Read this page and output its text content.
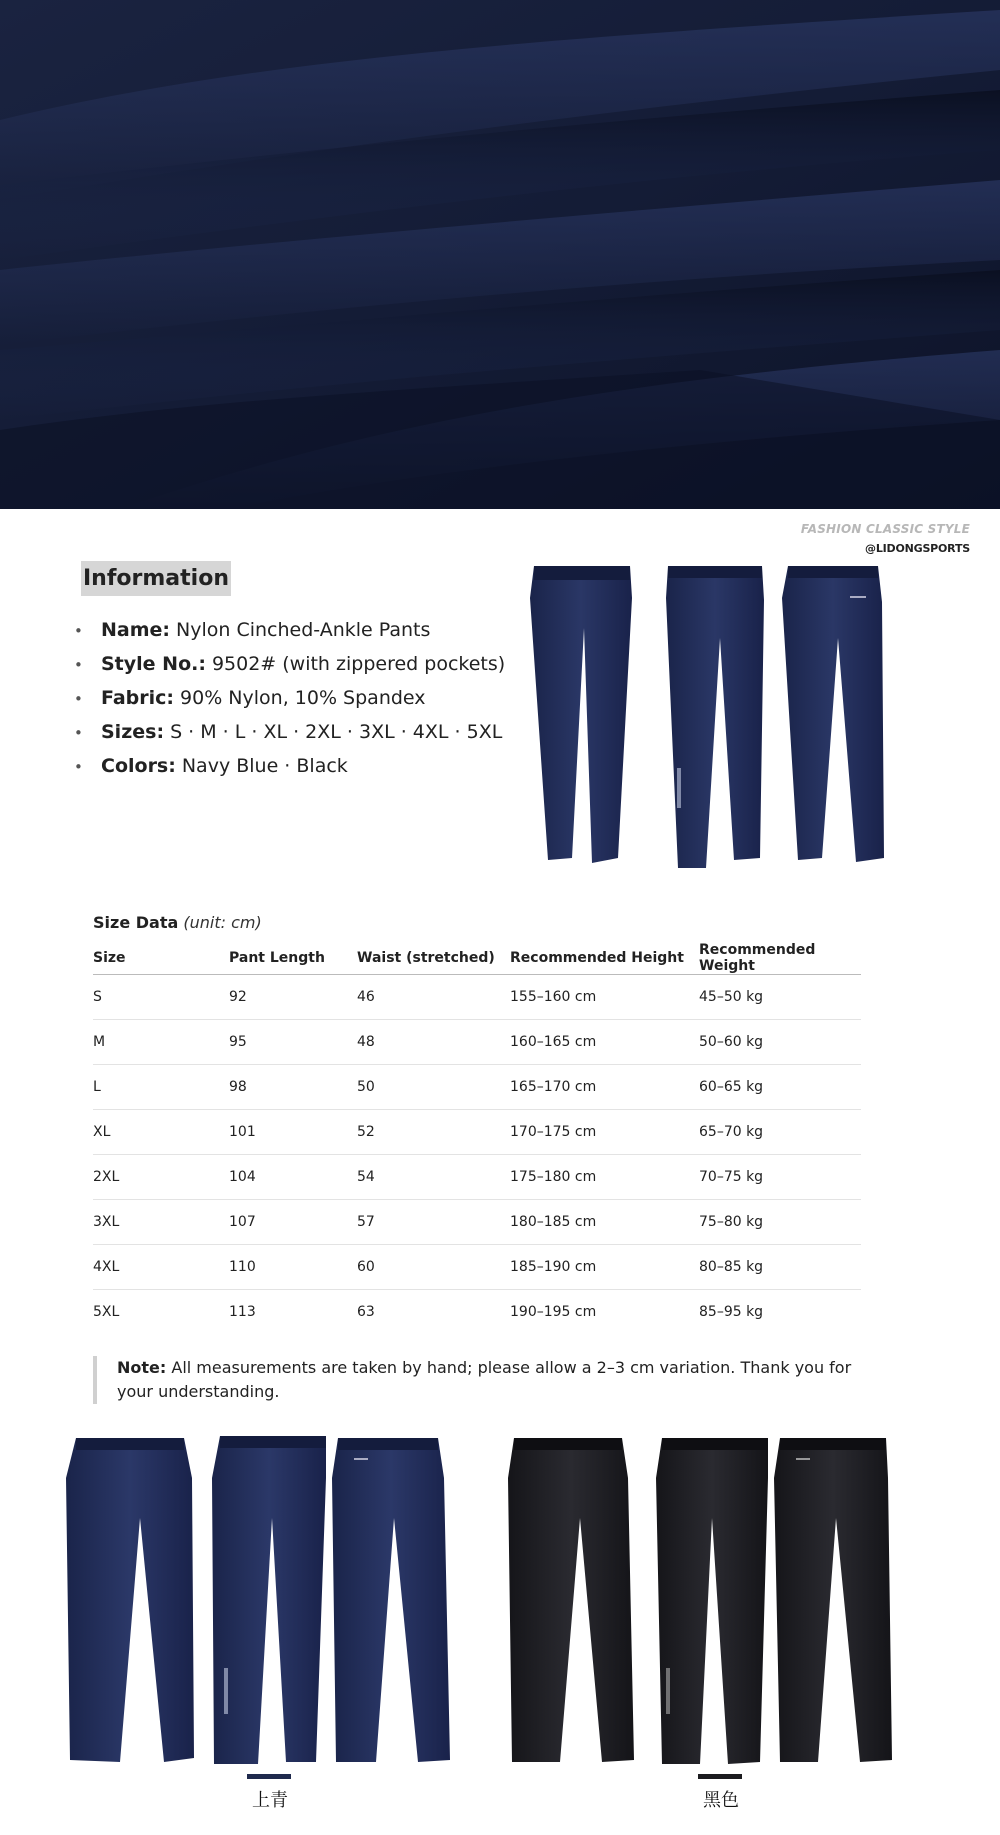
FASHION CLASSIC STYLE
@LIDONGSPORTS
Information
• Name: Nylon Cinched-Ankle Pants
• Style No.: 9502# (with zippered pockets)
• Fabric: 90% Nylon, 10% Spandex
• Sizes: S · M · L · XL · 2XL · 3XL · 4XL · 5XL
• Colors: Navy Blue · Black
Size Data (unit: cm)
Size	Pant Length	Waist (stretched)	Recommended Height	Recommended Weight
S	92	46	155–160 cm	45–50 kg
M	95	48	160–165 cm	50–60 kg
L	98	50	165–170 cm	60–65 kg
XL	101	52	170–175 cm	65–70 kg
2XL	104	54	175–180 cm	70–75 kg
3XL	107	57	180–185 cm	75–80 kg
4XL	110	60	185–190 cm	80–85 kg
5XL	113	63	190–195 cm	85–95 kg
Note: All measurements are taken by hand; please allow a 2–3 cm variation. Thank you for your understanding.
上青	黑色
